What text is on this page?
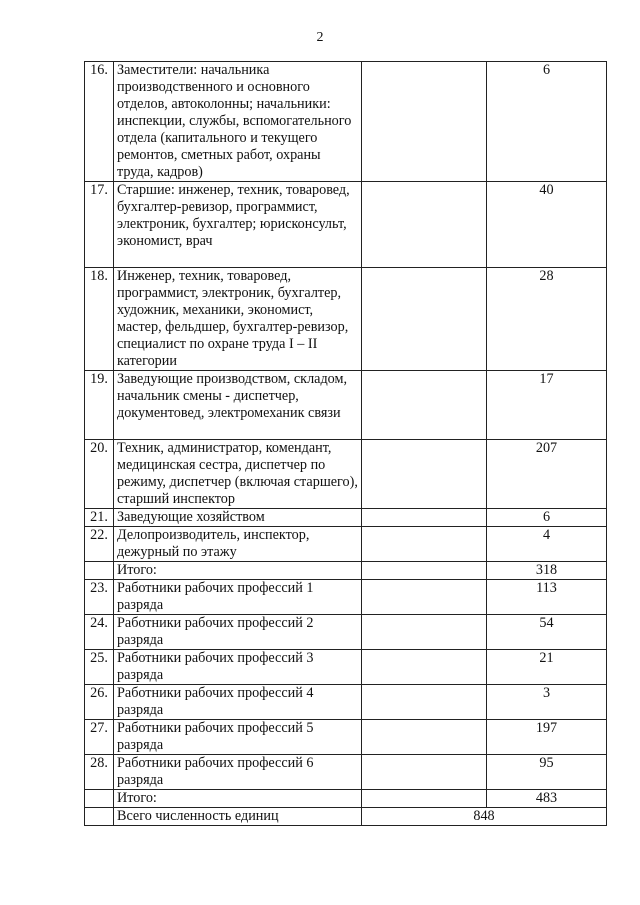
2
16.	Заместители: начальника производственного и основного отделов, автоколонны; начальники: инспекции, службы, вспомогательного отдела (капитального и текущего ремонтов, сметных работ, охраны труда, кадров)		6
17.	Старшие: инженер, техник, товаровед, бухгалтер-ревизор, программист, электроник, бухгалтер; юрисконсульт, экономист, врач		40
18.	Инженер, техник, товаровед, программист, электроник, бухгалтер, художник, механики, экономист, мастер, фельдшер, бухгалтер-ревизор, специалист по охране труда I – II категории		28
19.	Заведующие производством, складом, начальник смены - диспетчер, документовед, электромеханик связи		17
20.	Техник, администратор, комендант, медицинская сестра, диспетчер по режиму, диспетчер (включая старшего), старший инспектор		207
21.	Заведующие хозяйством		6
22.	Делопроизводитель, инспектор, дежурный по этажу		4
	Итого:		318
23.	Работники рабочих профессий 1 разряда		113
24.	Работники рабочих профессий 2 разряда		54
25.	Работники рабочих профессий 3 разряда		21
26.	Работники рабочих профессий 4 разряда		3
27.	Работники рабочих профессий 5 разряда		197
28.	Работники рабочих профессий 6 разряда		95
	Итого:		483
	Всего численность единиц	848	
